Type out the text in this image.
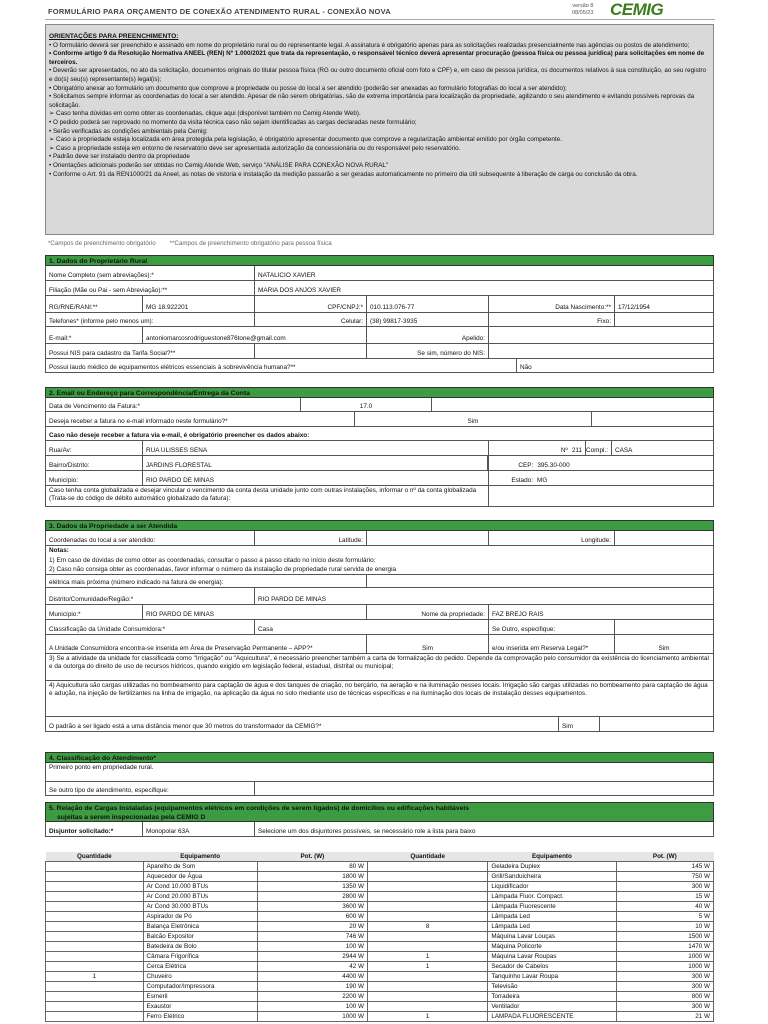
FORMULÁRIO PARA ORÇAMENTO DE CONEXÃO ATENDIMENTO RURAL - CONEXÃO NOVA
versão 8
08/05/23 CEMIG

ORIENTAÇÕES PARA PREENCHIMENTO:

• O formulário deverá ser preenchido e assinado em nome do proprietário rural ou do representante legal. A assinatura é obrigatório apenas para as solicitações realizadas presencialmente nas agências ou postos de atendimento;

• Conforme artigo 9 da Resolução Normativa ANEEL (REN) Nº 1.000/2021 que trata da representação, o responsável técnico deverá apresentar procuração (pessoa física ou pessoa jurídica) para solicitações em nome de terceiros.

• Deverão ser apresentados, no ato da solicitação, documentos originais do titular pessoa física (RG ou outro documento oficial com foto e CPF) e, em caso de pessoa jurídica, os documentos relativos à sua constituição, ao seu registro e do(s) seu(s) representante(s) legal(is);

• Obrigatório anexar ao formulário um documento que comprove a propriedade ou posse do local a ser atendido (poderão ser anexadas ao formulário fotografias do local a ser atendido);

• Solicitamos sempre informar as coordenadas do local a ser atendido. Apesar de não serem obrigatórias, são de extrema importância para localização da propriedade, agilizando o seu atendimento e evitando possíveis reprovas da solicitação.

➢ Caso tenha dúvidas em como obter as coordenadas, clique aqui (disponível também no Cemig Atende Web).

• O pedido poderá ser reprovado no momento da visita técnica caso não sejam identificadas as cargas declaradas neste formulário;

• Serão verificadas as condições ambientais pela Cemig:

➢ Caso a propriedade esteja localizada em área protegida pela legislação, é obrigatório apresentar documento que comprove a regularização ambiental emitido por órgão competente.

➢ Caso a propriedade esteja em entorno de reservatório deve ser apresentada autorização da concessionária ou do responsável pelo reservatório.

• Padrão deve ser instalado dentro da propriedade

• Orientações adicionais poderão ser obtidas no Cemig Atende Web, serviço "ANÁLISE PARA CONEXÃO NOVA RURAL"

• Conforme o Art. 91 da REN1000/21 da Aneel, as notas de vistoria e instalação da medição passarão a ser geradas automaticamente no primeiro dia útil subsequente à liberação de carga ou conclusão da obra.

*Campos de preenchimento obrigatório **Campos de preenchimento obrigatório para pessoa física
1. Dados do Proprietário Rural
Nome Completo (sem abreviações):*	NATALICIO XAVIER
Filiação (Mãe ou Pai - sem Abreviação):**	MARIA DOS ANJOS XAVIER
RG/RNE/RANI:**	MG 18.922201	CPF/CNPJ:*	010.113.076-77	Data Nascimento:**	17/12/1954
Telefones* (informe pelo menos um):	Celular:	(38) 99817-3935	Fixo:
E-mail:*	antoniomarcosrodriguestone876tone@gmail.com	Apelido:
Possui NIS para cadastro da Tarifa Social?**	Se sim, número do NIS:
Possui laudo médico de equipamentos elétricos essenciais à sobrevivência humana?**	Não
2. Email ou Endereço para Correspondência/Entrega da Conta
Data de Vencimento da Fatura:*	17.0
Deseja receber a fatura no e-mail informado neste formulário?*	Sim
Caso não deseje receber a fatura via e-mail, é obrigatório preencher os dados abaixo:
Rua/Av:	RUA ULISSES SENA	Nº 211 Compl.:	CASA
Bairro/Distrito:	JARDINS FLORESTAL	CEP: 395.30-000
Município:	RIO PARDO DE MINAS	Estado: MG
Caso tenha conta globalizada e desejar vincular o vencimento da conta desta unidade junto com outras instalações, informar o nº da conta globalizada (Trata-se do código de débito automático globalizado da fatura):
3. Dados da Propriedade a ser Atendida
Coordenadas do local a ser atendido:	Latitude:	Longitude:
Notas:
1) Em caso de dúvidas de como obter as coordenadas, consultar o passo a passo citado no início deste formulário;
2) Caso não consiga obter as coordenadas, favor informar o número da instalação de propriedade rural servida de energia
elétrica mais próxima (número indicado na fatura de energia):
Distrito/Comunidade/Região:*	RIO PARDO DE MINAS
Município:*	RIO PARDO DE MINAS	Nome da propriedade:	FAZ BREJO RAIS
Classificação da Unidade Consumidora:*	Casa	Se Outro, especifique:
A Unidade Consumidora encontra-se inserida em Área de Preservação Permanente – APP?*	Sim	e/ou inserida em Reserva Legal?*	Sim
3) Se a atividade da unidade for classificada como "Irrigação" ou "Aquicultura", é necessário preencher também a carta de formalização do pedido. Depende da comprovação pelo consumidor da existência do licenciamento ambiental e da outorga do direito de uso de recursos hídricos, quando exigido em legislação federal, estadual, distrital ou municipal;
4) Aquicultura são cargas utilizadas no bombeamento para captação de água e dos tanques de criação, no berçário, na aeração e na iluminação nesses locais. Irrigação são cargas utilizadas no bombeamento para captação de água e adução, na injeção de fertilizantes na linha de irrigação, na aplicação da água no solo mediante uso de técnicas específicas e na iluminação dos locais de instalação desses equipamentos.
O padrão a ser ligado está a uma distância menor que 30 metros do transformador da CEMIG?*	Sim
4. Classificação do Atendimento*
Primeiro ponto em propriedade rural.
Se outro tipo de atendimento, especifique:
5. Relação de Cargas Instaladas (equipamentos elétricos em condições de serem ligados) de domicílios ou edificações habitáveis
sujeitas a serem inspecionadas pela CEMIG D
Disjuntor solicitado:*	Monopolar 63A	Selecione um dos disjuntores possíveis, se necessário role a lista para baixo
Quantidade	Equipamento	Pot. (W)	Quantidade	Equipamento	Pot. (W)
	Aparelho de Som	80 W		Geladeira Duplex	145 W
	Aquecedor de Água	1800 W		Grill/Sanduicheira	750 W
	Ar Cond 10.000 BTUs	1350 W		Liquidificador	300 W
	Ar Cond 20.000 BTUs	2800 W		Lâmpada Fluor. Compact.	15 W
	Ar Cond 30.000 BTUs	3600 W		Lâmpada Fluorescente	40 W
	Aspirador de Pó	600 W		Lâmpada Led	5 W
	Balança Eletrônica	20 W	8	Lâmpada Led	10 W
	Balcão Expositor	746 W		Máquina Lavar Louças	1500 W
	Batedeira de Bolo	100 W		Máquina Policorte	1470 W
	Câmara Frigorífica	2944 W	1	Máquina Lavar Roupas	1000 W
	Cerca Elétrica	42 W	1	Secador de Cabelos	1000 W
1	Chuveiro	4400 W		Tanquinho Lavar Roupa	300 W
	Computador/Impressora	190 W		Televisão	300 W
	Esmeril	2200 W		Torradeira	800 W
	Exaustor	100 W		Ventilador	300 W
	Ferro Elétrico	1000 W	1	LAMPADA FLUORESCENTE	21 W
